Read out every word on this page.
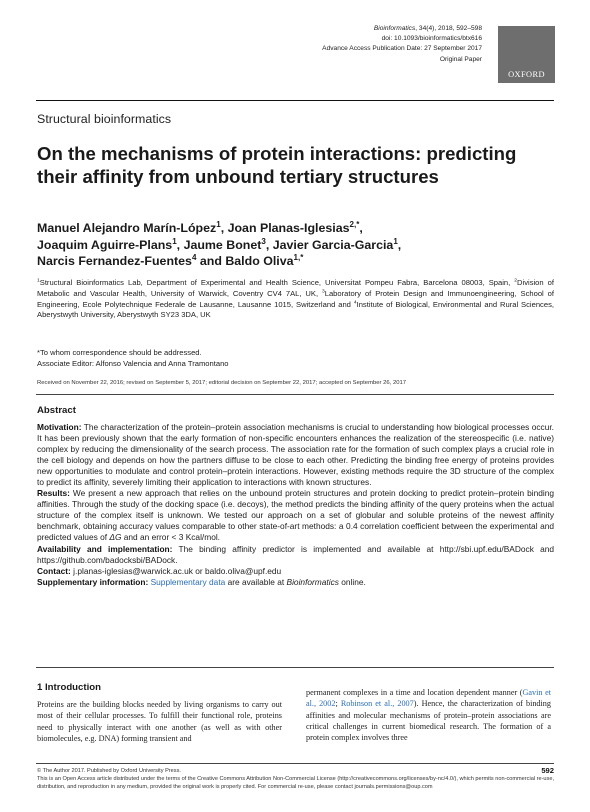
Bioinformatics, 34(4), 2018, 592–598
doi: 10.1093/bioinformatics/btx616
Advance Access Publication Date: 27 September 2017
Original Paper
OXFORD
Structural bioinformatics
On the mechanisms of protein interactions: predicting their affinity from unbound tertiary structures
Manuel Alejandro Marín-López$^1$, Joan Planas-Iglesias$^{2,*}$,
Joaquim Aguirre-Plans$^1$, Jaume Bonet$^3$, Javier Garcia-Garcia$^1$,
Narcis Fernandez-Fuentes$^4$ and Baldo Oliva$^{1,*}$
$^1$Structural Bioinformatics Lab, Department of Experimental and Health Science, Universitat Pompeu Fabra, Barcelona 08003, Spain, $^2$Division of Metabolic and Vascular Health, University of Warwick, Coventry CV4 7AL, UK, $^3$Laboratory of Protein Design and Immunoengineering, School of Engineering, Ecole Polytechnique Federale de Lausanne, Lausanne 1015, Switzerland and $^4$Institute of Biological, Environmental and Rural Sciences, Aberystwyth University, Aberystwyth SY23 3DA, UK
*To whom correspondence should be addressed.
Associate Editor: Alfonso Valencia and Anna Tramontano
Received on November 22, 2016; revised on September 5, 2017; editorial decision on September 22, 2017; accepted on September 26, 2017
Abstract

Motivation: The characterization of the protein–protein association mechanisms is crucial to understanding how biological processes occur. It has been previously shown that the early formation of non-specific encounters enhances the realization of the stereospecific (i.e. native) complex by reducing the dimensionality of the search process. The association rate for the formation of such complex plays a crucial role in the cell biology and depends on how the partners diffuse to be close to each other. Predicting the binding free energy of proteins provides new opportunities to modulate and control protein–protein interactions. However, existing methods require the 3D structure of the complex to predict its affinity, severely limiting their application to interactions with known structures.

Results: We present a new approach that relies on the unbound protein structures and protein docking to predict protein–protein binding affinities. Through the study of the docking space (i.e. decoys), the method predicts the binding affinity of the query proteins when the actual structure of the complex itself is unknown. We tested our approach on a set of globular and soluble proteins of the newest affinity benchmark, obtaining accuracy values comparable to other state-of-art methods: a 0.4 correlation coefficient between the experimental and predicted values of ΔG and an error < 3 Kcal/mol.

Availability and implementation: The binding affinity predictor is implemented and available at http://sbi.upf.edu/BADock and https://github.com/badocksbi/BADock.

Contact: j.planas-iglesias@warwick.ac.uk or baldo.oliva@upf.edu

Supplementary information: Supplementary data are available at Bioinformatics online.

1 Introduction
Proteins are the building blocks needed by living organisms to carry out most of their cellular processes. To fulfill their functional role, proteins need to physically interact with one another (as well as with other biomolecules, e.g. DNA) forming transient and
permanent complexes in a time and location dependent manner (Gavin et al., 2002; Robinson et al., 2007). Hence, the characterization of binding affinities and molecular mechanisms of protein–protein associations are critical challenges in current biomedical research. The formation of a protein complex involves three
© The Author 2017. Published by Oxford University Press.	592
This is an Open Access article distributed under the terms of the Creative Commons Attribution Non-Commercial License (http://creativecommons.org/licenses/by-nc/4.0/), which permits non-commercial re-use, distribution, and reproduction in any medium, provided the original work is properly cited. For commercial re-use, please contact journals.permissions@oup.com
